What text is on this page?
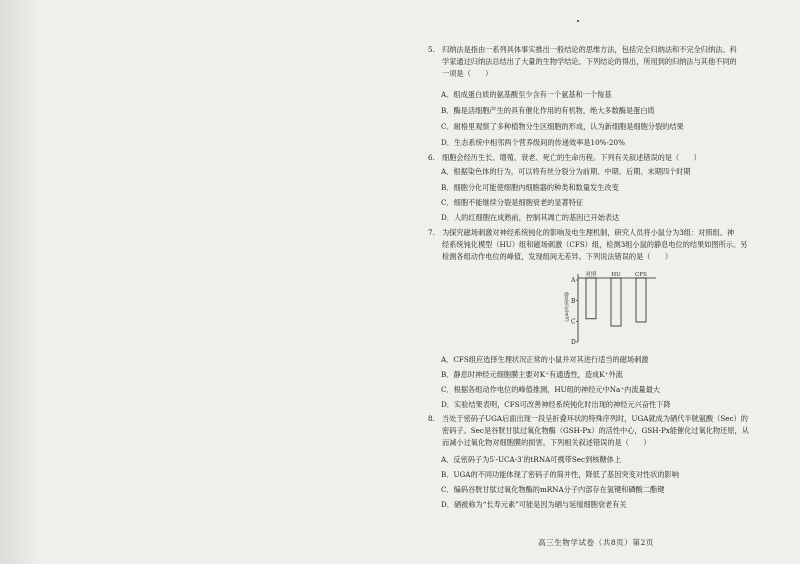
5. 归纳法是指由一系列具体事实推出一般结论的思维方法，包括完全归纳法和不完全归纳法。科
学家通过归纳法总结出了大量的生物学结论。下列结论的得出，所用到的归纳法与其他不同的
一项是（　　）
A．组成蛋白质的氨基酸至少含有一个氨基和一个羧基
B．酶是活细胞产生的具有催化作用的有机物，绝大多数酶是蛋白质
C．耐格里观察了多种植物分生区细胞的形成，认为新细胞是细胞分裂的结果
D．生态系统中相邻两个营养级间的传递效率是10%-20%
6. 细胞会经历生长、增殖、衰老、死亡的生命历程。下列有关叙述错误的是（　　）
A．根据染色体的行为，可以将有丝分裂分为前期、中期、后期、末期四个时期
B．细胞分化可能使细胞内细胞器的种类和数量发生改变
C．细胞不能继续分裂是细胞衰老的显著特征
D．人的红细胞在成熟前，控制其凋亡的基因已开始表达
7. 为探究磁场刺激对神经系统钝化的影响及电生理机制，研究人员将小鼠分为3组：对照组、神
经系统钝化模型（HU）组和磁场刺激（CFS）组，检测3组小鼠的静息电位的结果如图所示。另
检测各组动作电位的峰值，发现组间无差异。下列说法错误的是（　　）
A
B
C
D
静息电位(mV)
对照	HU	CFS
A．CFS组应选择生理状况正常的小鼠并对其进行适当的磁场刺激
B．静息时神经元细胞膜主要对K⁺有通透性，造成K⁺外流
C．根据各组动作电位的峰值推测，HU组的神经元中Na⁺内流量最大
D．实验结果表明，CFS可改善神经系统钝化时出现的神经元兴奋性下降
8. 当处于密码子UGA后面出现一段呈折叠环状的特殊序列时，UGA就成为硒代半胱氨酸（Sec）的
密码子。Sec是谷胱甘肽过氧化物酶（GSH-Px）的活性中心，GSH-Px能催化过氧化物还原，从
而减小过氧化物对细胞膜的损害。下列相关叙述错误的是（　　）
A．反密码子为5′-UCA-3′的tRNA可携带Sec到核糖体上
B．UGA的不同功能体现了密码子的简并性，降低了基因突变对性状的影响
C．编码谷胱甘肽过氧化物酶的mRNA分子内部存在氢键和磷酸二酯键
D．硒被称为“长寿元素”可能是因为硒与延缓细胞衰老有关
高三生物学试卷（共8页）第2页
